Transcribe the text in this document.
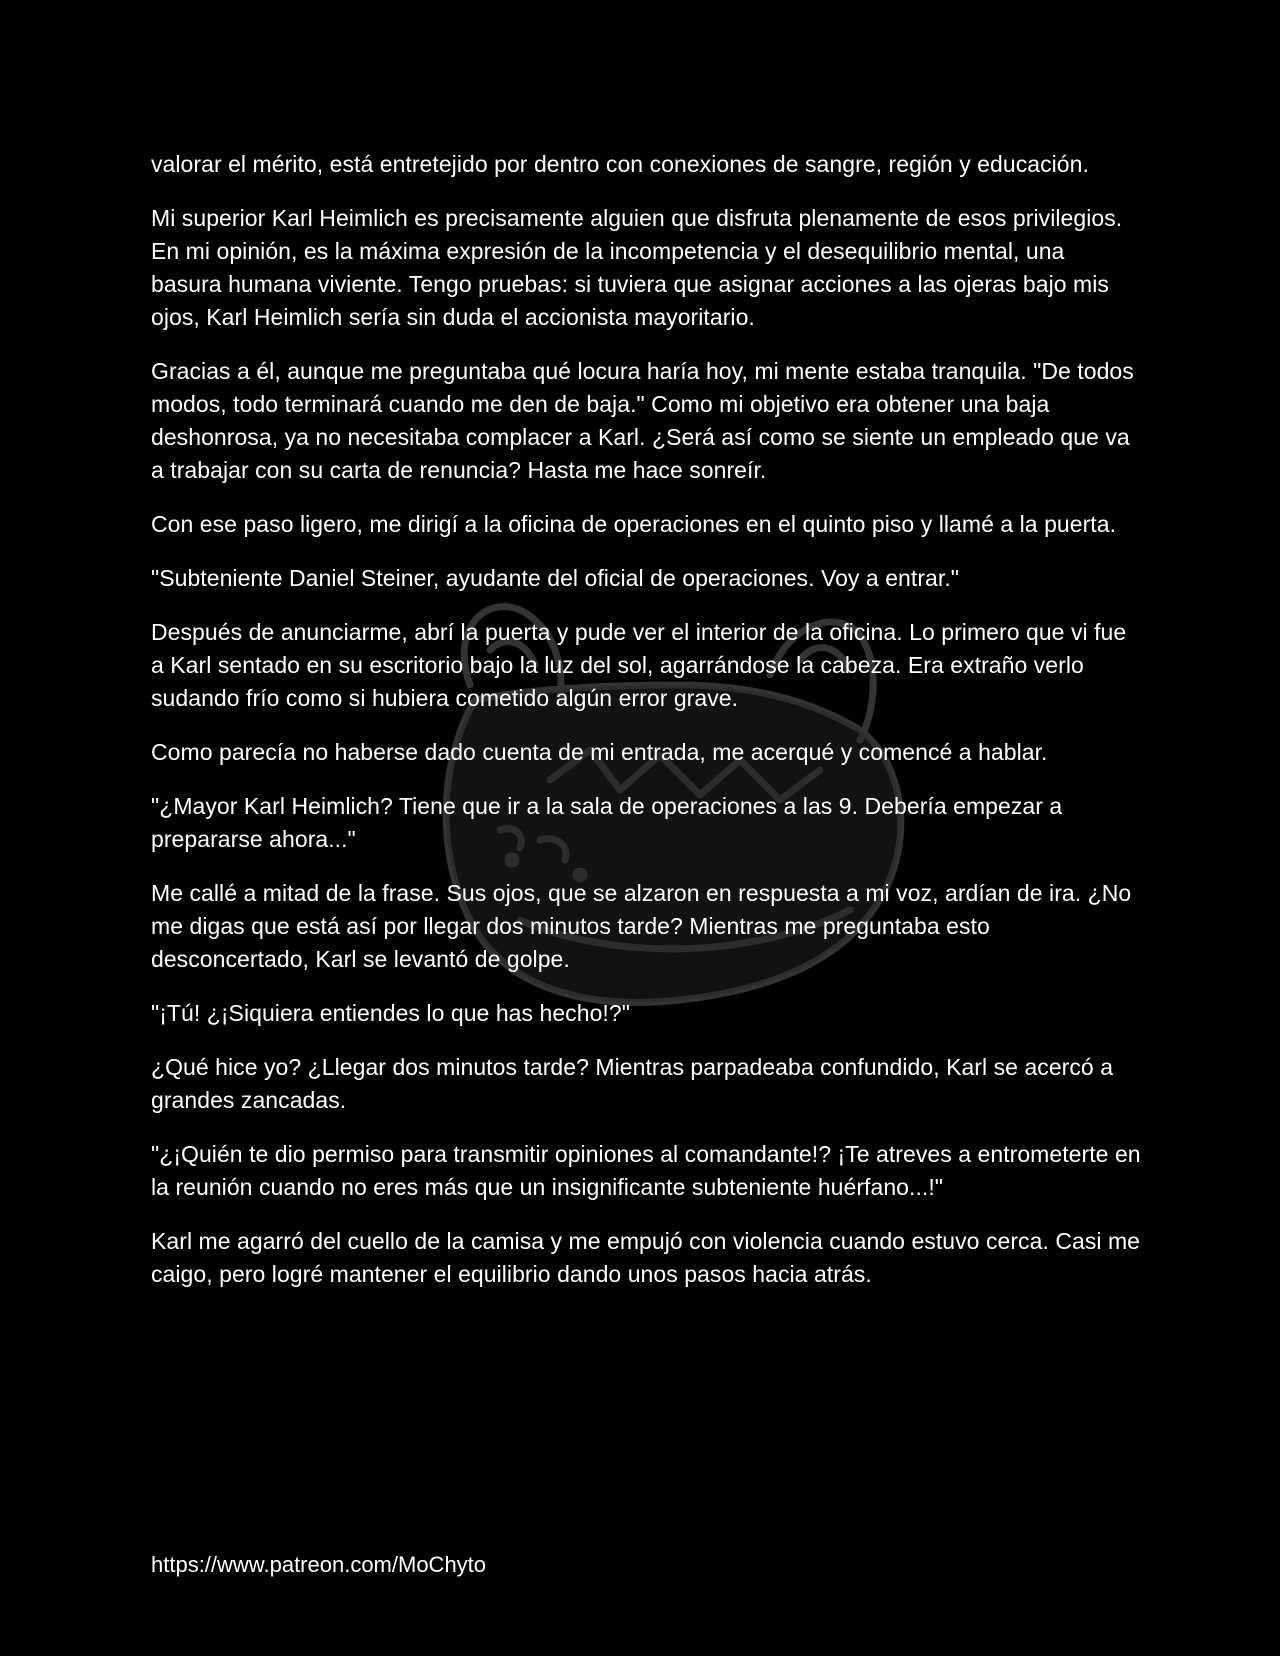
valorar el mérito, está entretejido por dentro con conexiones de sangre, región y educación.

Mi superior Karl Heimlich es precisamente alguien que disfruta plenamente de esos privilegios. En mi opinión, es la máxima expresión de la incompetencia y el desequilibrio mental, una basura humana viviente. Tengo pruebas: si tuviera que asignar acciones a las ojeras bajo mis ojos, Karl Heimlich sería sin duda el accionista mayoritario.

Gracias a él, aunque me preguntaba qué locura haría hoy, mi mente estaba tranquila. "De todos modos, todo terminará cuando me den de baja." Como mi objetivo era obtener una baja deshonrosa, ya no necesitaba complacer a Karl. ¿Será así como se siente un empleado que va a trabajar con su carta de renuncia? Hasta me hace sonreír.

Con ese paso ligero, me dirigí a la oficina de operaciones en el quinto piso y llamé a la puerta.

"Subteniente Daniel Steiner, ayudante del oficial de operaciones. Voy a entrar."

Después de anunciarme, abrí la puerta y pude ver el interior de la oficina. Lo primero que vi fue a Karl sentado en su escritorio bajo la luz del sol, agarrándose la cabeza. Era extraño verlo sudando frío como si hubiera cometido algún error grave.

Como parecía no haberse dado cuenta de mi entrada, me acerqué y comencé a hablar.

"¿Mayor Karl Heimlich? Tiene que ir a la sala de operaciones a las 9. Debería empezar a prepararse ahora..."

Me callé a mitad de la frase. Sus ojos, que se alzaron en respuesta a mi voz, ardían de ira. ¿No me digas que está así por llegar dos minutos tarde? Mientras me preguntaba esto desconcertado, Karl se levantó de golpe.

"¡Tú! ¿¡Siquiera entiendes lo que has hecho!?"

¿Qué hice yo? ¿Llegar dos minutos tarde? Mientras parpadeaba confundido, Karl se acercó a grandes zancadas.

"¿¡Quién te dio permiso para transmitir opiniones al comandante!? ¡Te atreves a entrometerte en la reunión cuando no eres más que un insignificante subteniente huérfano...!"

Karl me agarró del cuello de la camisa y me empujó con violencia cuando estuvo cerca. Casi me caigo, pero logré mantener el equilibrio dando unos pasos hacia atrás.

https://www.patreon.com/MoChyto
